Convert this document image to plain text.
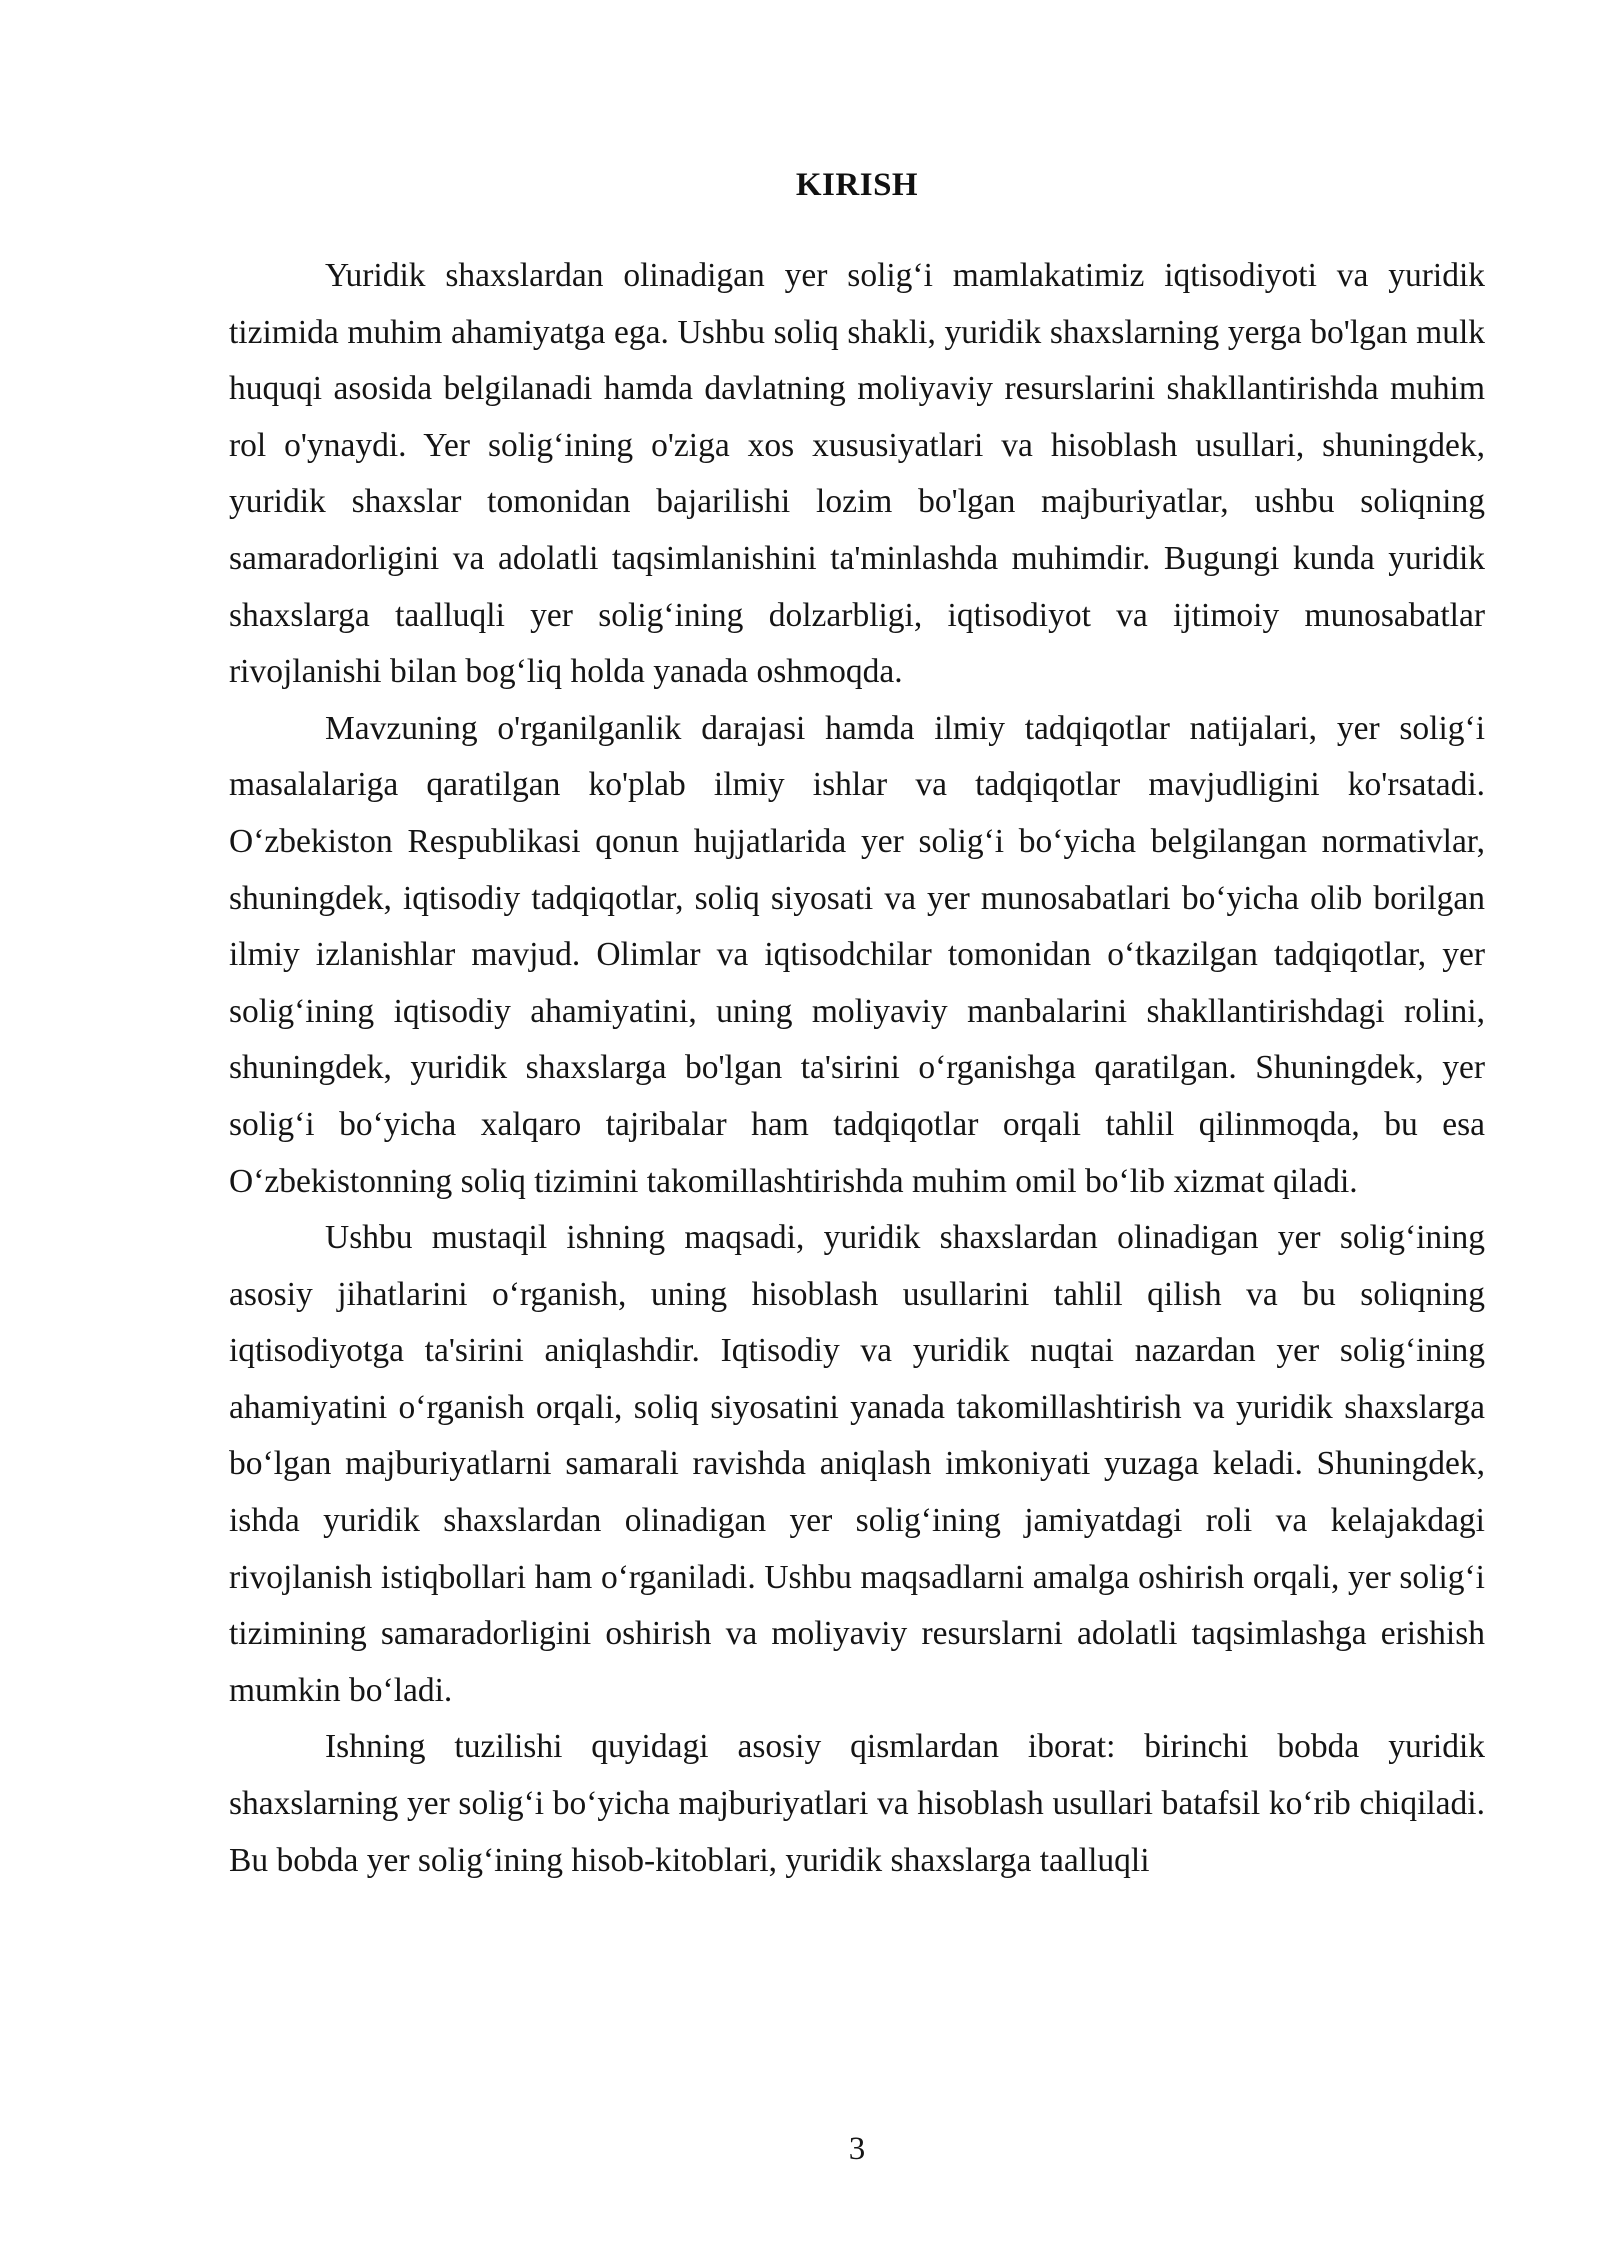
KIRISH

Yuridik shaxslardan olinadigan yer solig‘i mamlakatimiz iqtisodiyoti va yuridik tizimida muhim ahamiyatga ega. Ushbu soliq shakli, yuridik shaxslarning yerga bo'lgan mulk huquqi asosida belgilanadi hamda davlatning moliyaviy resurslarini shakllantirishda muhim rol o'ynaydi. Yer solig‘ining o'ziga xos xususiyatlari va hisoblash usullari, shuningdek, yuridik shaxslar tomonidan bajarilishi lozim bo'lgan majburiyatlar, ushbu soliqning samaradorligini va adolatli taqsimlanishini ta'minlashda muhimdir. Bugungi kunda yuridik shaxslarga taalluqli yer solig‘ining dolzarbligi, iqtisodiyot va ijtimoiy munosabatlar rivojlanishi bilan bog‘liq holda yanada oshmoqda.

Mavzuning o'rganilganlik darajasi hamda ilmiy tadqiqotlar natijalari, yer solig‘i masalalariga qaratilgan ko'plab ilmiy ishlar va tadqiqotlar mavjudligini ko'rsatadi. O‘zbekiston Respublikasi qonun hujjatlarida yer solig‘i bo‘yicha belgilangan normativlar, shuningdek, iqtisodiy tadqiqotlar, soliq siyosati va yer munosabatlari bo‘yicha olib borilgan ilmiy izlanishlar mavjud. Olimlar va iqtisodchilar tomonidan o‘tkazilgan tadqiqotlar, yer solig‘ining iqtisodiy ahamiyatini, uning moliyaviy manbalarini shakllantirishdagi rolini, shuningdek, yuridik shaxslarga bo'lgan ta'sirini o‘rganishga qaratilgan. Shuningdek, yer solig‘i bo‘yicha xalqaro tajribalar ham tadqiqotlar orqali tahlil qilinmoqda, bu esa O‘zbekistonning soliq tizimini takomillashtirishda muhim omil bo‘lib xizmat qiladi.

Ushbu mustaqil ishning maqsadi, yuridik shaxslardan olinadigan yer solig‘ining asosiy jihatlarini o‘rganish, uning hisoblash usullarini tahlil qilish va bu soliqning iqtisodiyotga ta'sirini aniqlashdir. Iqtisodiy va yuridik nuqtai nazardan yer solig‘ining ahamiyatini o‘rganish orqali, soliq siyosatini yanada takomillashtirish va yuridik shaxslarga bo‘lgan majburiyatlarni samarali ravishda aniqlash imkoniyati yuzaga keladi. Shuningdek, ishda yuridik shaxslardan olinadigan yer solig‘ining jamiyatdagi roli va kelajakdagi rivojlanish istiqbollari ham o‘rganiladi. Ushbu maqsadlarni amalga oshirish orqali, yer solig‘i tizimining samaradorligini oshirish va moliyaviy resurslarni adolatli taqsimlashga erishish mumkin bo‘ladi.

Ishning tuzilishi quyidagi asosiy qismlardan iborat: birinchi bobda yuridik shaxslarning yer solig‘i bo‘yicha majburiyatlari va hisoblash usullari batafsil ko‘rib chiqiladi. Bu bobda yer solig‘ining hisob-kitoblari, yuridik shaxslarga taalluqli

3
